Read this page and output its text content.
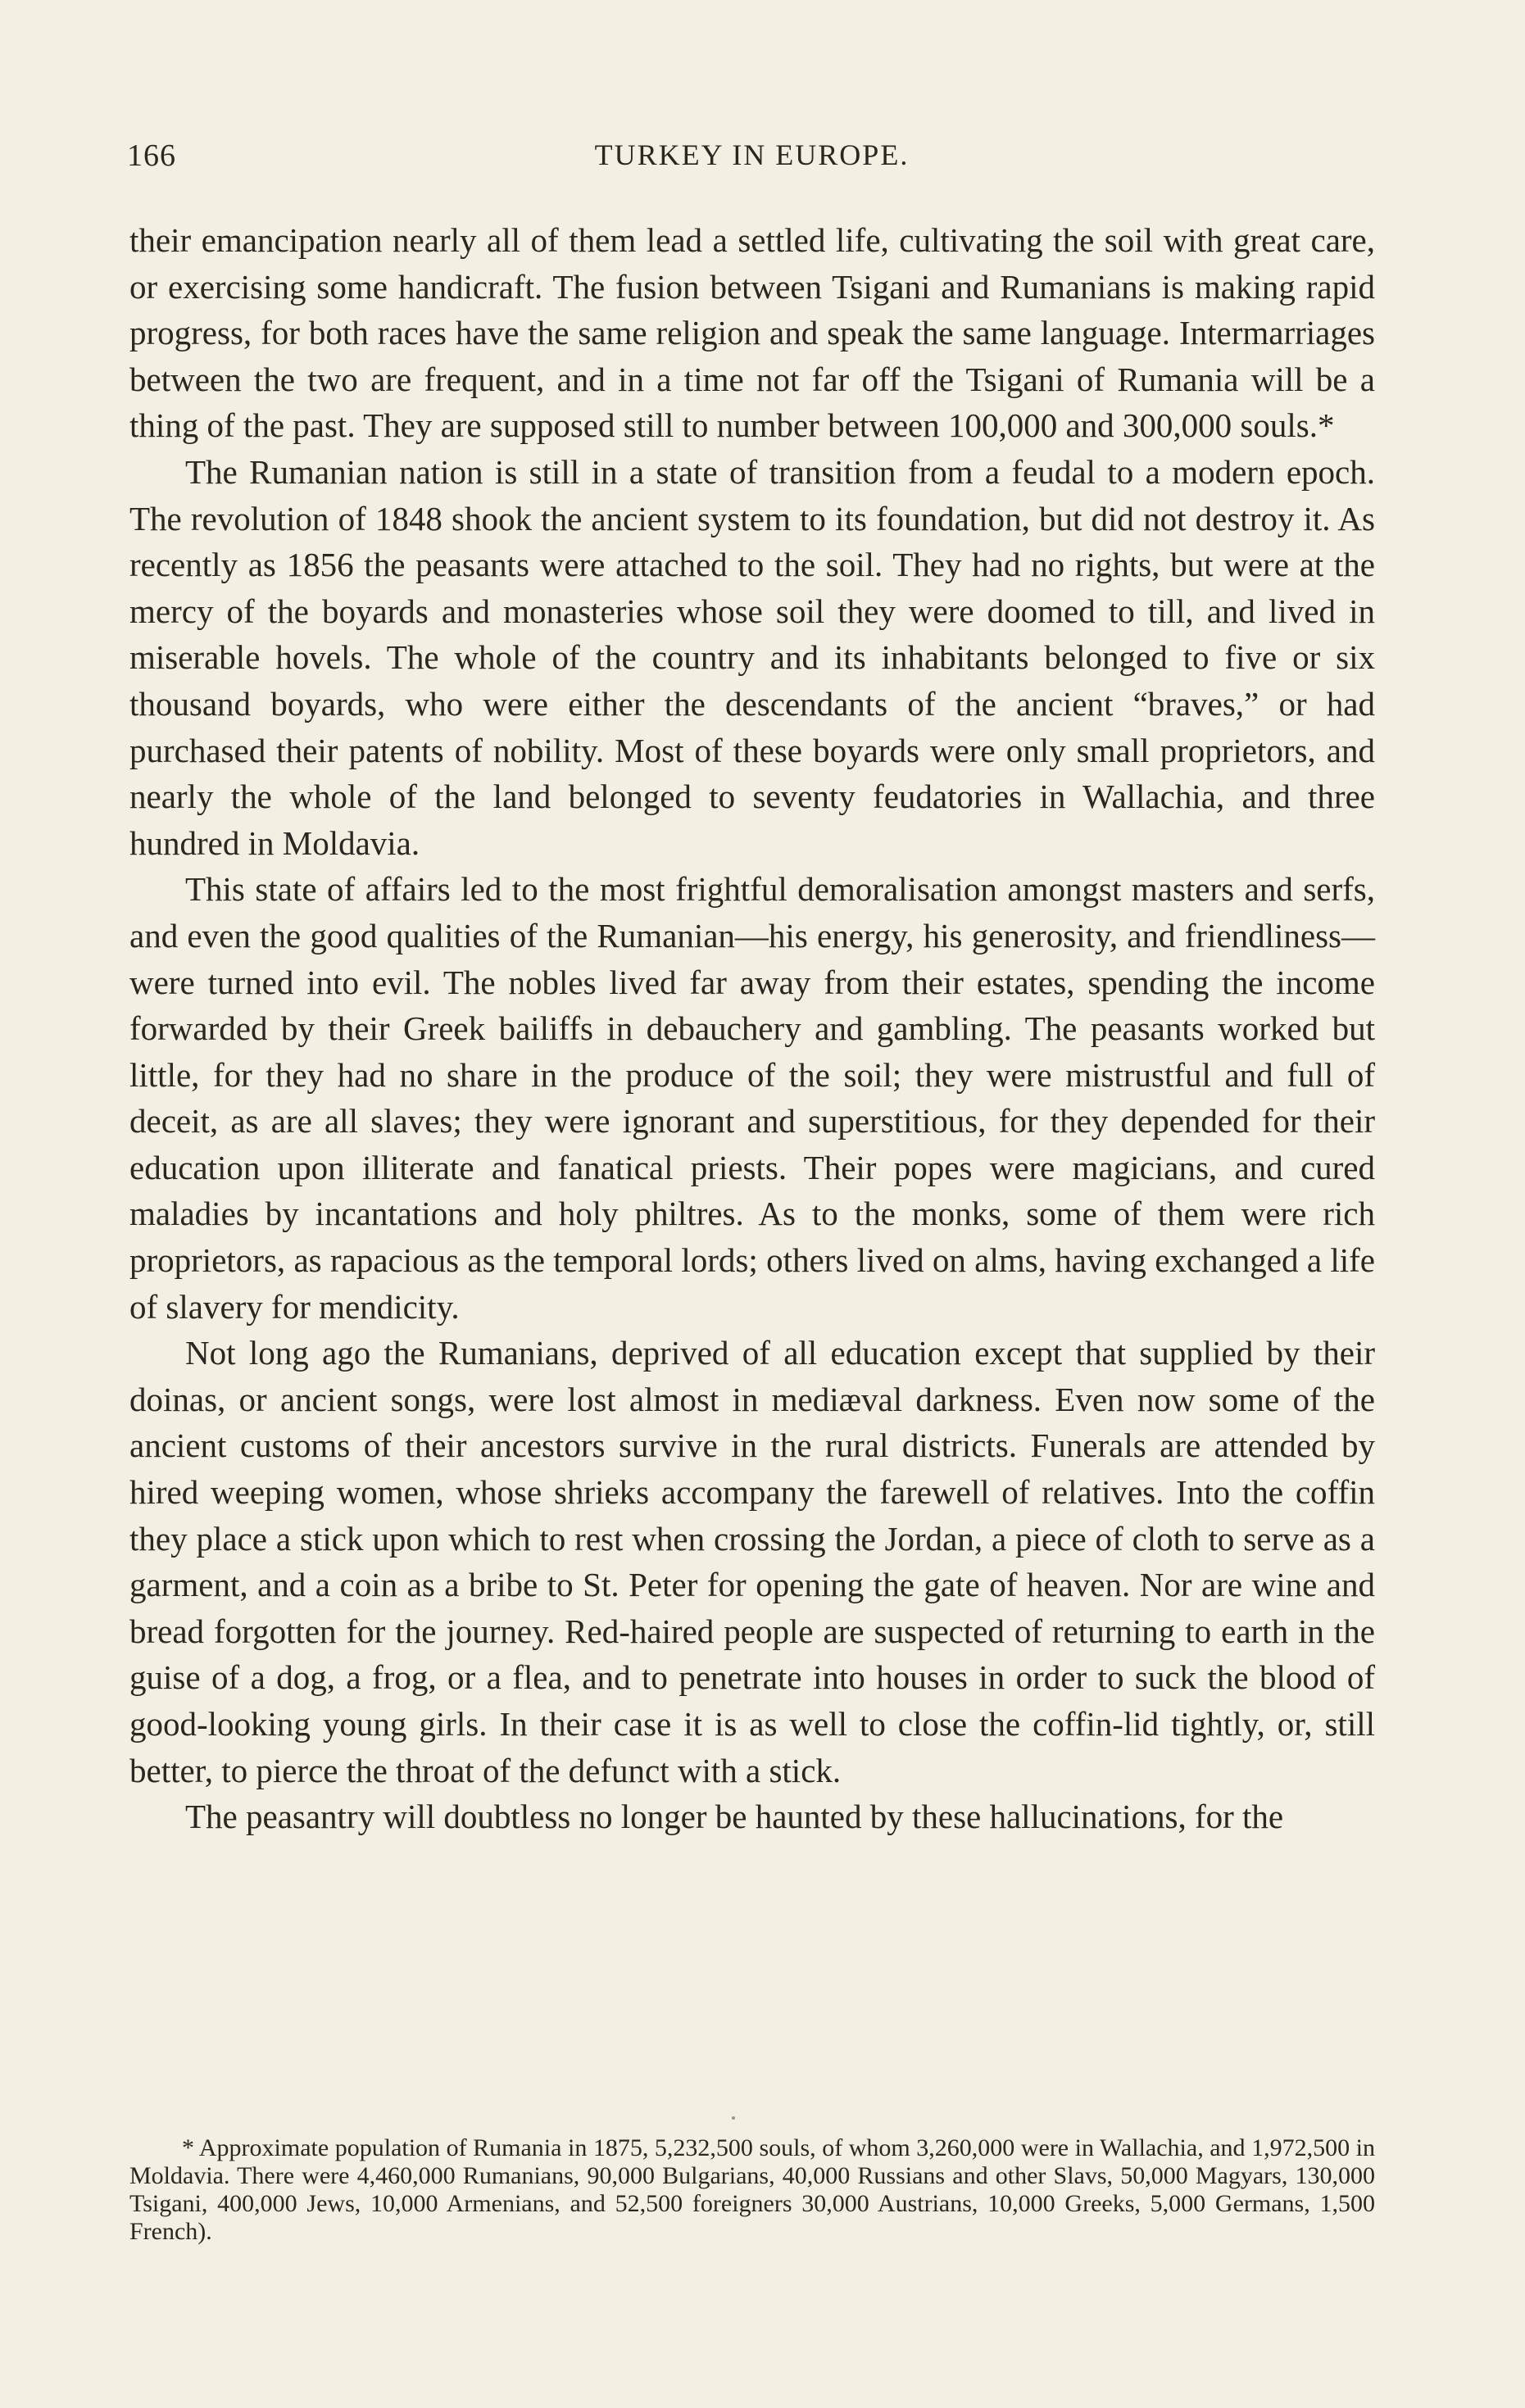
166	TURKEY IN EUROPE.

their emancipation nearly all of them lead a settled life, cultivating the soil with great care, or exercising some handicraft. The fusion between Tsigani and Rumanians is making rapid progress, for both races have the same religion and speak the same language. Intermarriages between the two are frequent, and in a time not far off the Tsigani of Rumania will be a thing of the past. They are supposed still to number between 100,000 and 300,000 souls.*

The Rumanian nation is still in a state of transition from a feudal to a modern epoch. The revolution of 1848 shook the ancient system to its foundation, but did not destroy it. As recently as 1856 the peasants were attached to the soil. They had no rights, but were at the mercy of the boyards and monasteries whose soil they were doomed to till, and lived in miserable hovels. The whole of the country and its inhabitants belonged to five or six thousand boyards, who were either the descendants of the ancient “braves,” or had purchased their patents of nobility. Most of these boyards were only small proprietors, and nearly the whole of the land belonged to seventy feudatories in Wallachia, and three hundred in Moldavia.

This state of affairs led to the most frightful demoralisation amongst masters and serfs, and even the good qualities of the Rumanian—his energy, his generosity, and friendliness—were turned into evil. The nobles lived far away from their estates, spending the income forwarded by their Greek bailiffs in debauchery and gambling. The peasants worked but little, for they had no share in the produce of the soil; they were mistrustful and full of deceit, as are all slaves; they were ignorant and superstitious, for they depended for their education upon illiterate and fanatical priests. Their popes were magicians, and cured maladies by incantations and holy philtres. As to the monks, some of them were rich proprietors, as rapacious as the temporal lords; others lived on alms, having exchanged a life of slavery for mendicity.

Not long ago the Rumanians, deprived of all education except that supplied by their doinas, or ancient songs, were lost almost in mediæval darkness. Even now some of the ancient customs of their ancestors survive in the rural districts. Funerals are attended by hired weeping women, whose shrieks accompany the farewell of relatives. Into the coffin they place a stick upon which to rest when crossing the Jordan, a piece of cloth to serve as a garment, and a coin as a bribe to St. Peter for opening the gate of heaven. Nor are wine and bread forgotten for the journey. Red-haired people are suspected of returning to earth in the guise of a dog, a frog, or a flea, and to penetrate into houses in order to suck the blood of good-looking young girls. In their case it is as well to close the coffin-lid tightly, or, still better, to pierce the throat of the defunct with a stick.

The peasantry will doubtless no longer be haunted by these hallucinations, for the

* Approximate population of Rumania in 1875, 5,232,500 souls, of whom 3,260,000 were in Wallachia, and 1,972,500 in Moldavia. There were 4,460,000 Rumanians, 90,000 Bulgarians, 40,000 Russians and other Slavs, 50,000 Magyars, 130,000 Tsigani, 400,000 Jews, 10,000 Armenians, and 52,500 foreigners 30,000 Austrians, 10,000 Greeks, 5,000 Germans, 1,500 French).
